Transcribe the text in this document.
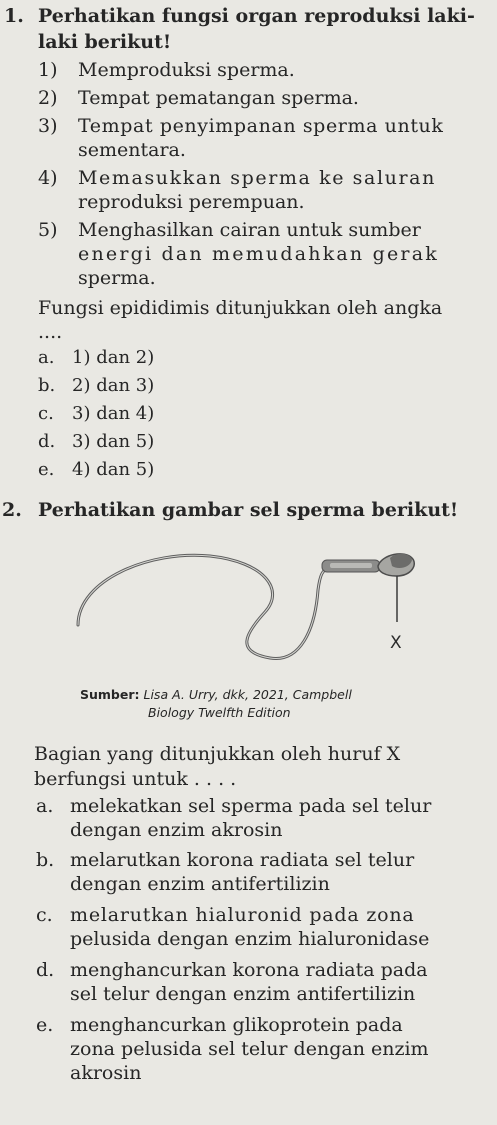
1. Perhatikan fungsi organ reproduksi laki-
laki berikut!
1) Memproduksi sperma.
2) Tempat pematangan sperma.
3) Tempat penyimpanan sperma untuk
sementara.
4) Memasukkan sperma ke saluran
reproduksi perempuan.
5) Menghasilkan cairan untuk sumber
energi dan memudahkan gerak
sperma.
Fungsi epididimis ditunjukkan oleh angka
....
a. 1) dan 2)
b. 2) dan 3)
c. 3) dan 4)
d. 3) dan 5)
e. 4) dan 5)
2. Perhatikan gambar sel sperma berikut!
X
Sumber: Lisa A. Urry, dkk, 2021, Campbell
Biology Twelfth Edition
Bagian yang ditunjukkan oleh huruf X
berfungsi untuk . . . .
a. melekatkan sel sperma pada sel telur
dengan enzim akrosin
b. melarutkan korona radiata sel telur
dengan enzim antifertilizin
c. melarutkan hialuronid pada zona
pelusida dengan enzim hialuronidase
d. menghancurkan korona radiata pada
sel telur dengan enzim antifertilizin
e. menghancurkan glikoprotein pada
zona pelusida sel telur dengan enzim
akrosin
